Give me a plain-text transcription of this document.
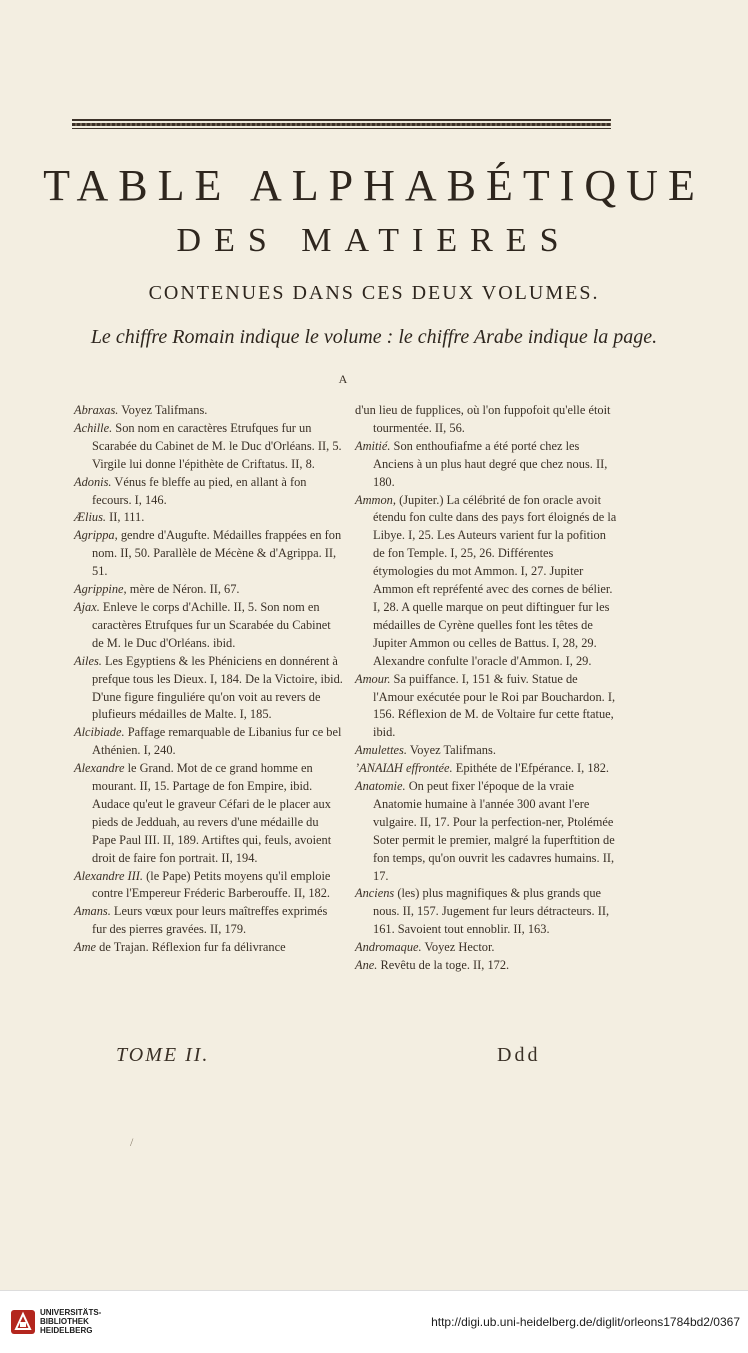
TABLE ALPHABÉTIQUE
DES MATIERES
CONTENUES DANS CES DEUX VOLUMES.
Le chiffre Romain indique le volume : le chiffre Arabe indique la page.
A

Abraxas. Voyez Talifmans.

Achille. Son nom en caractères Etrufques fur un Scarabée du Cabinet de M. le Duc d'Orléans. II, 5. Virgile lui donne l'épithète de Criftatus. II, 8.

Adonis. Vénus fe bleffe au pied, en allant à fon fecours. I, 146.

Ælius. II, 111.

Agrippa, gendre d'Augufte. Médailles frappées en fon nom. II, 50. Parallèle de Mécène & d'Agrippa. II, 51.

Agrippine, mère de Néron. II, 67.

Ajax. Enleve le corps d'Achille. II, 5. Son nom en caractères Etrufques fur un Scarabée du Cabinet de M. le Duc d'Orléans. ibid.

Ailes. Les Egyptiens & les Phéniciens en donnérent à prefque tous les Dieux. I, 184. De la Victoire, ibid. D'une figure finguliére qu'on voit au revers de plufieurs médailles de Malte. I, 185.

Alcibiade. Paffage remarquable de Libanius fur ce bel Athénien. I, 240.

Alexandre le Grand. Mot de ce grand homme en mourant. II, 15. Partage de fon Empire, ibid. Audace qu'eut le graveur Céfari de le placer aux pieds de Jedduah, au revers d'une médaille du Pape Paul III. II, 189. Artiftes qui, feuls, avoient droit de faire fon portrait. II, 194.

Alexandre III. (le Pape) Petits moyens qu'il emploie contre l'Empereur Fréderic Barberouffe. II, 182.

Amans. Leurs vœux pour leurs maîtreffes exprimés fur des pierres gravées. II, 179.

Ame de Trajan. Réflexion fur fa délivrance

d'un lieu de fupplices, où l'on fuppofoit qu'elle étoit tourmentée. II, 56.

Amitié. Son enthoufiafme a été porté chez les Anciens à un plus haut degré que chez nous. II, 180.

Ammon, (Jupiter.) La célébrité de fon oracle avoit étendu fon culte dans des pays fort éloignés de la Libye. I, 25. Les Auteurs varient fur la pofition de fon Temple. I, 25, 26. Différentes étymologies du mot Ammon. I, 27. Jupiter Ammon eft repréfenté avec des cornes de bélier. I, 28. A quelle marque on peut diftinguer fur les médailles de Cyrène quelles font les têtes de Jupiter Ammon ou celles de Battus. I, 28, 29. Alexandre confulte l'oracle d'Ammon. I, 29.

Amour. Sa puiffance. I, 151 & fuiv. Statue de l'Amour exécutée pour le Roi par Bouchardon. I, 156. Réflexion de M. de Voltaire fur cette ftatue, ibid.

Amulettes. Voyez Talifmans.

ʼΑΝΑΙΔΗ effrontée. Epithéte de l'Efpérance. I, 182.

Anatomie. On peut fixer l'époque de la vraie Anatomie humaine à l'année 300 avant l'ere vulgaire. II, 17. Pour la perfection-ner, Ptolémée Soter permit le premier, malgré la fuperftition de fon temps, qu'on ouvrit les cadavres humains. II, 17.

Anciens (les) plus magnifiques & plus grands que nous. II, 157. Jugement fur leurs détracteurs. II, 161. Savoient tout ennoblir. II, 163.

Andromaque. Voyez Hector.

Ane. Revêtu de la toge. II, 172.

TOME II.	Ddd
/
UNIVERSITÄTS-
BIBLIOTHEK
HEIDELBERG
http://digi.ub.uni-heidelberg.de/diglit/orleons1784bd2/0367
